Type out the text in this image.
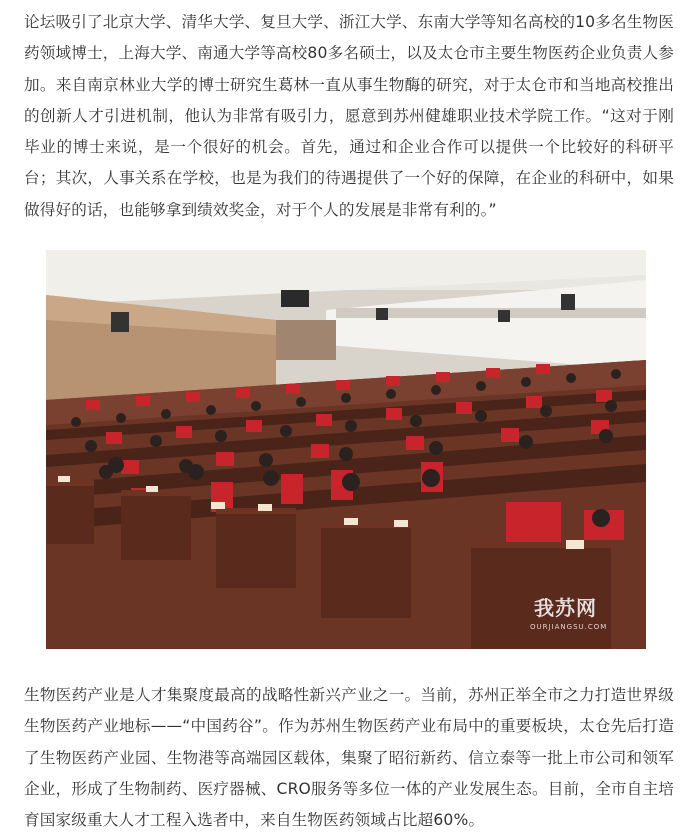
论坛吸引了北京大学、清华大学、复旦大学、浙江大学、东南大学等知名高校的10多名生物医药领域博士，上海大学、南通大学等高校80多名硕士，以及太仓市主要生物医药企业负责人参加。来自南京林业大学的博士研究生葛林一直从事生物酶的研究，对于太仓市和当地高校推出的创新人才引进机制，他认为非常有吸引力，愿意到苏州健雄职业技术学院工作。“这对于刚毕业的博士来说，是一个很好的机会。首先，通过和企业合作可以提供一个比较好的科研平台；其次，人事关系在学校，也是为我们的待遇提供了一个好的保障，在企业的科研中，如果做得好的话，也能够拿到绩效奖金，对于个人的发展是非常有利的。”

我苏网
OURJIANGSU.COM

生物医药产业是人才集聚度最高的战略性新兴产业之一。当前，苏州正举全市之力打造世界级生物医药产业地标——“中国药谷”。作为苏州生物医药产业布局中的重要板块，太仓先后打造了生物医药产业园、生物港等高端园区载体，集聚了昭衍新药、信立泰等一批上市公司和领军企业，形成了生物制药、医疗器械、CRO服务等多位一体的产业发展生态。目前，全市自主培育国家级重大人才工程入选者中，来自生物医药领域占比超60%。
